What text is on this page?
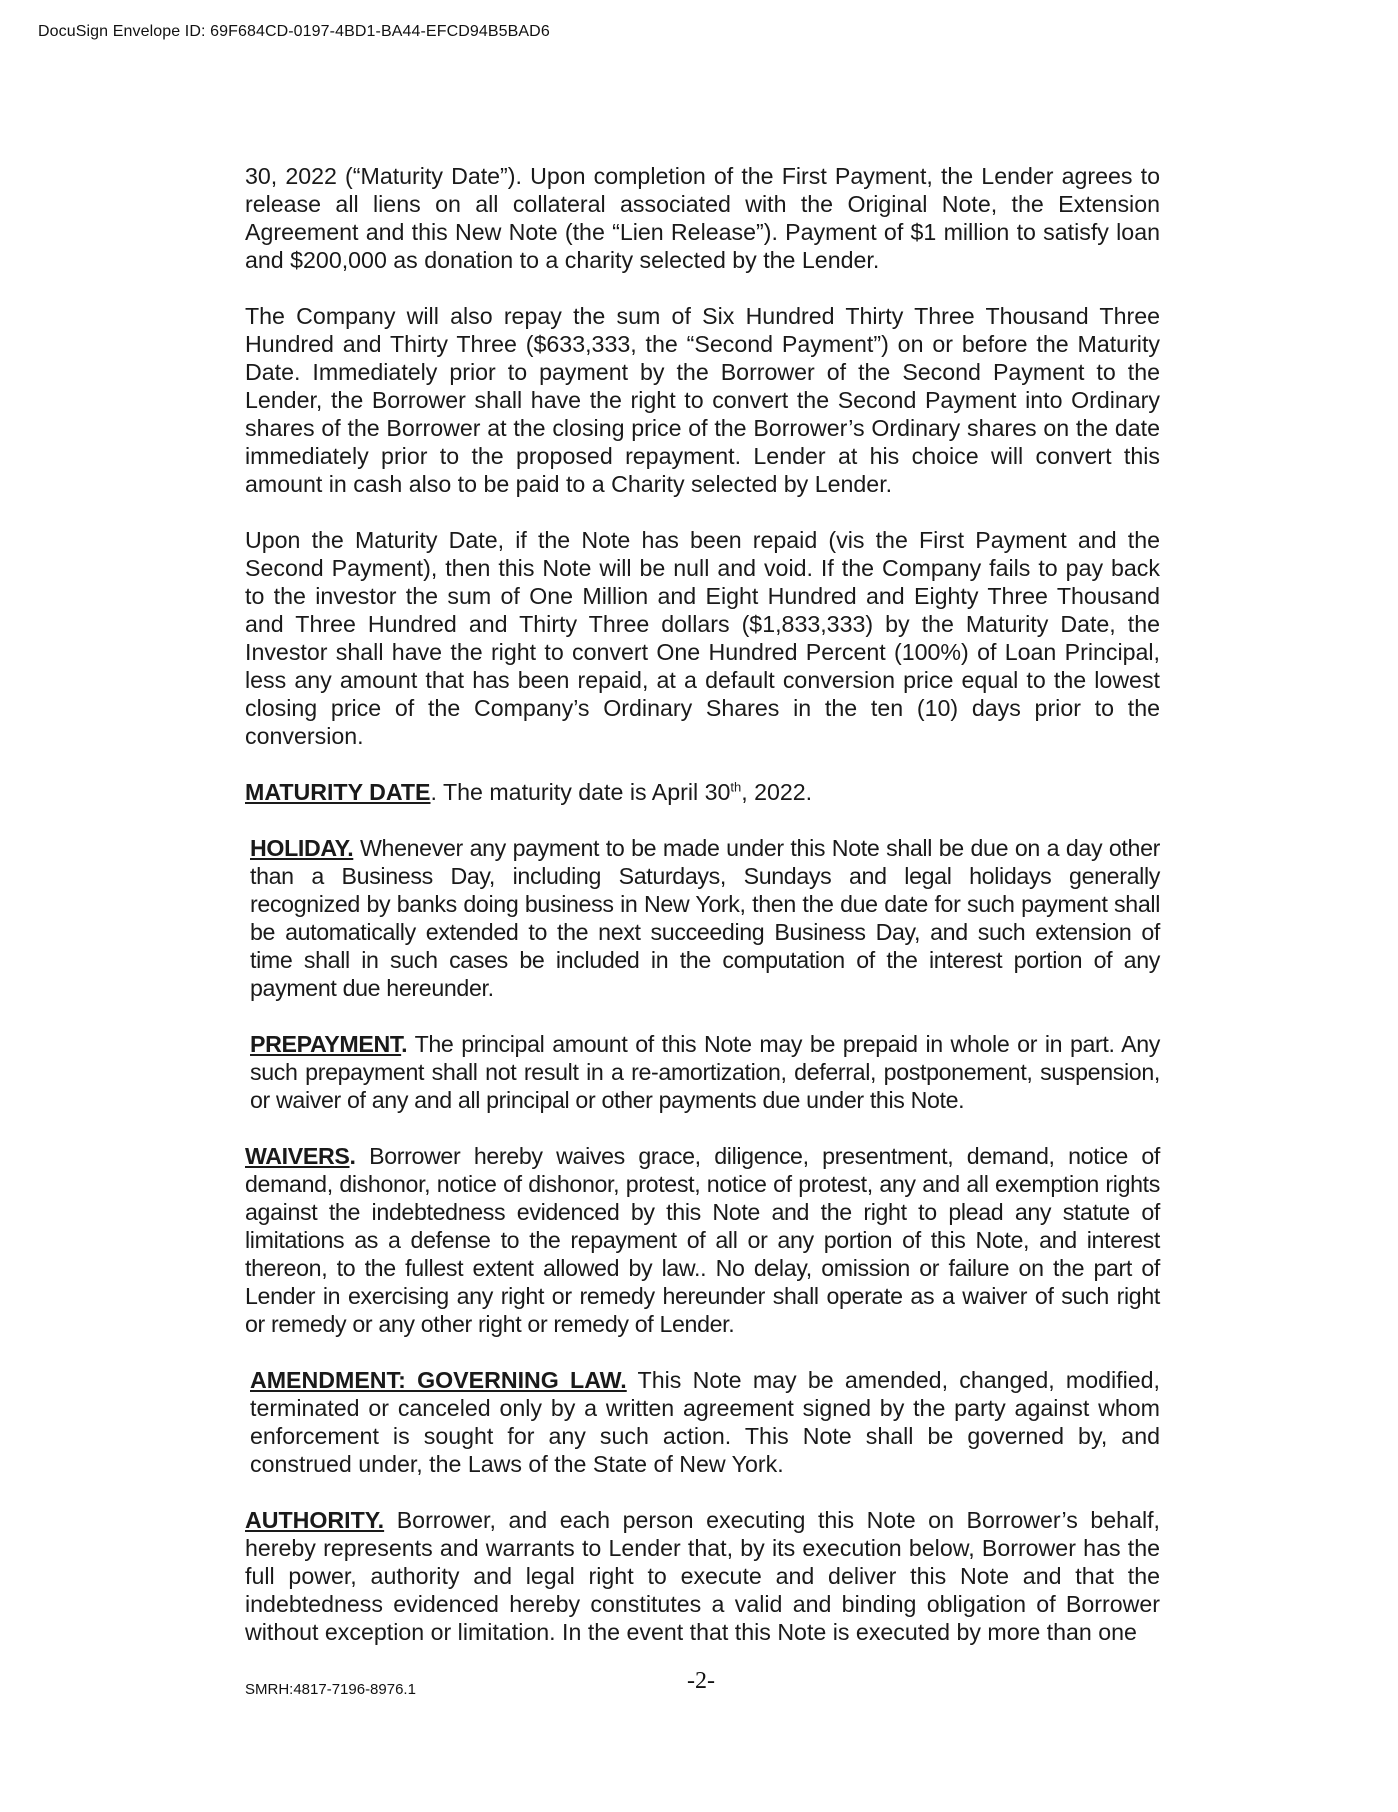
DocuSign Envelope ID: 69F684CD-0197-4BD1-BA44-EFCD94B5BAD6

30, 2022 (“Maturity Date”). Upon completion of the First Payment, the Lender agrees to release all liens on all collateral associated with the Original Note, the Extension Agreement and this New Note (the “Lien Release”). Payment of $1 million to satisfy loan and $200,000 as donation to a charity selected by the Lender.

The Company will also repay the sum of Six Hundred Thirty Three Thousand Three Hundred and Thirty Three ($633,333, the “Second Payment”) on or before the Maturity Date. Immediately prior to payment by the Borrower of the Second Payment to the Lender, the Borrower shall have the right to convert the Second Payment into Ordinary shares of the Borrower at the closing price of the Borrower’s Ordinary shares on the date immediately prior to the proposed repayment. Lender at his choice will convert this amount in cash also to be paid to a Charity selected by Lender.

Upon the Maturity Date, if the Note has been repaid (vis the First Payment and the Second Payment), then this Note will be null and void. If the Company fails to pay back to the investor the sum of One Million and Eight Hundred and Eighty Three Thousand and Three Hundred and Thirty Three dollars ($1,833,333) by the Maturity Date, the Investor shall have the right to convert One Hundred Percent (100%) of Loan Principal, less any amount that has been repaid, at a default conversion price equal to the lowest closing price of the Company’s Ordinary Shares in the ten (10) days prior to the conversion.

MATURITY DATE. The maturity date is April 30th, 2022.

HOLIDAY. Whenever any payment to be made under this Note shall be due on a day other than a Business Day, including Saturdays, Sundays and legal holidays generally recognized by banks doing business in New York, then the due date for such payment shall be automatically extended to the next succeeding Business Day, and such extension of time shall in such cases be included in the computation of the interest portion of any payment due hereunder.

PREPAYMENT. The principal amount of this Note may be prepaid in whole or in part. Any such prepayment shall not result in a re-amortization, deferral, postponement, suspension, or waiver of any and all principal or other payments due under this Note.

WAIVERS. Borrower hereby waives grace, diligence, presentment, demand, notice of demand, dishonor, notice of dishonor, protest, notice of protest, any and all exemption rights against the indebtedness evidenced by this Note and the right to plead any statute of limitations as a defense to the repayment of all or any portion of this Note, and interest thereon, to the fullest extent allowed by law.. No delay, omission or failure on the part of Lender in exercising any right or remedy hereunder shall operate as a waiver of such right or remedy or any other right or remedy of Lender.

AMENDMENT: GOVERNING LAW. This Note may be amended, changed, modified, terminated or canceled only by a written agreement signed by the party against whom enforcement is sought for any such action. This Note shall be governed by, and construed under, the Laws of the State of New York.

AUTHORITY. Borrower, and each person executing this Note on Borrower’s behalf, hereby represents and warrants to Lender that, by its execution below, Borrower has the full power, authority and legal right to execute and deliver this Note and that the indebtedness evidenced hereby constitutes a valid and binding obligation of Borrower without exception or limitation. In the event that this Note is executed by more than one

SMRH:4817-7196-8976.1	-2-
